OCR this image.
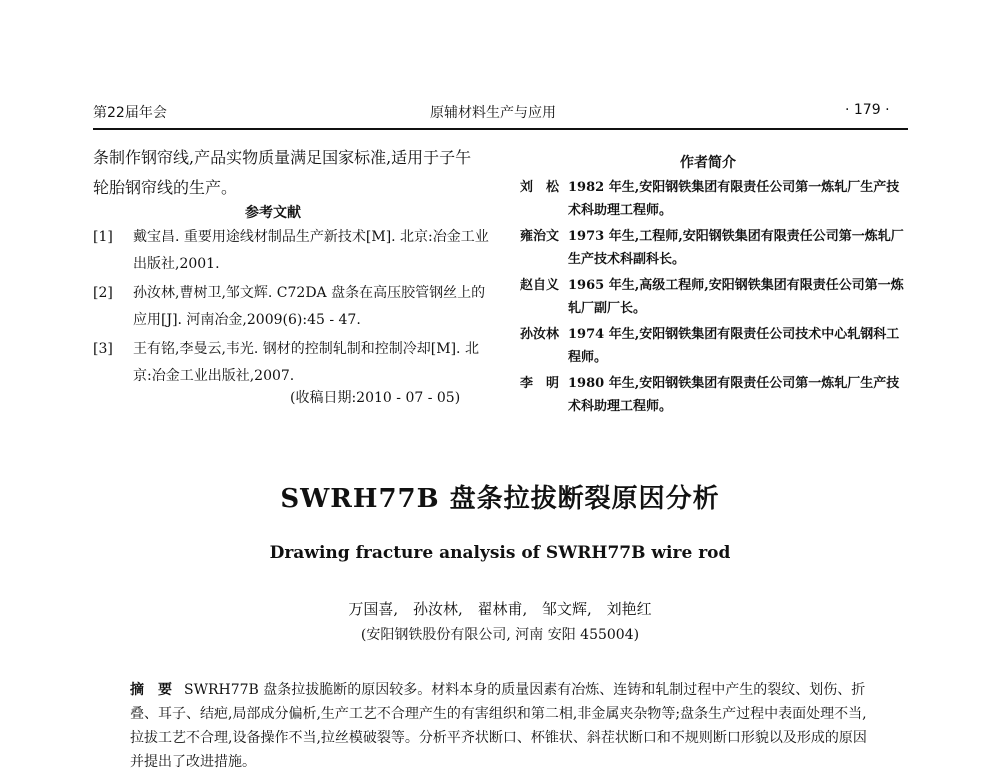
第22届年会	原辅材料生产与应用	· 179 ·
条制作钢帘线,产品实物质量满足国家标准,适用于子午轮胎钢帘线的生产。
参考文献
[1]	戴宝昌. 重要用途线材制品生产新技术[M]. 北京:冶金工业出版社,2001.
[2]	孙汝林,曹树卫,邹文辉. C72DA 盘条在高压胶管钢丝上的应用[J]. 河南冶金,2009(6):45 - 47.
[3]	王有铭,李曼云,韦光. 钢材的控制轧制和控制冷却[M]. 北京:冶金工业出版社,2007.
(收稿日期:2010 - 07 - 05)
作者简介
刘　松 1982 年生,安阳钢铁集团有限责任公司第一炼轧厂生产技术科助理工程师。
雍治文 1973 年生,工程师,安阳钢铁集团有限责任公司第一炼轧厂生产技术科副科长。
赵自义 1965 年生,高级工程师,安阳钢铁集团有限责任公司第一炼轧厂副厂长。
孙汝林 1974 年生,安阳钢铁集团有限责任公司技术中心轧钢科工程师。
李　明 1980 年生,安阳钢铁集团有限责任公司第一炼轧厂生产技术科助理工程师。
SWRH77B 盘条拉拔断裂原因分析
Drawing fracture analysis of SWRH77B wire rod
万国喜, 孙汝林, 翟林甫, 邹文辉, 刘艳红
(安阳钢铁股份有限公司, 河南 安阳 455004)
摘　要 SWRH77B 盘条拉拔脆断的原因较多。材料本身的质量因素有冶炼、连铸和轧制过程中产生的裂纹、划伤、折叠、耳子、结疤,局部成分偏析,生产工艺不合理产生的有害组织和第二相,非金属夹杂物等;盘条生产过程中表面处理不当,拉拔工艺不合理,设备操作不当,拉丝模破裂等。分析平齐状断口、杯锥状、斜茬状断口和不规则断口形貌以及形成的原因并提出了改进措施。
